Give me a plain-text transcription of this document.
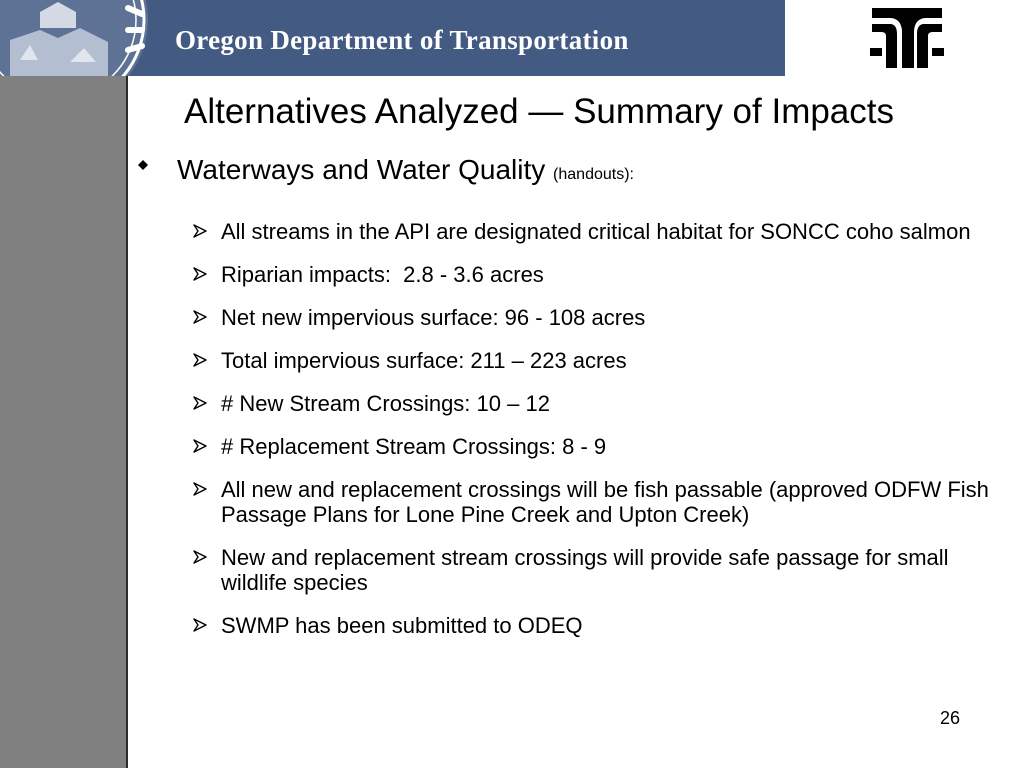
Oregon Department of Transportation
Alternatives Analyzed — Summary of Impacts
Waterways and Water Quality (handouts):
All streams in the API are designated critical habitat for SONCC coho salmon
Riparian impacts:  2.8 - 3.6 acres
Net new impervious surface: 96 - 108 acres
Total impervious surface: 211 – 223 acres
# New Stream Crossings: 10 – 12
# Replacement Stream Crossings: 8 - 9
All new and replacement crossings will be fish passable (approved ODFW Fish Passage Plans for Lone Pine Creek and Upton Creek)
New and replacement stream crossings will provide safe passage for small wildlife species
SWMP has been submitted to ODEQ
26
